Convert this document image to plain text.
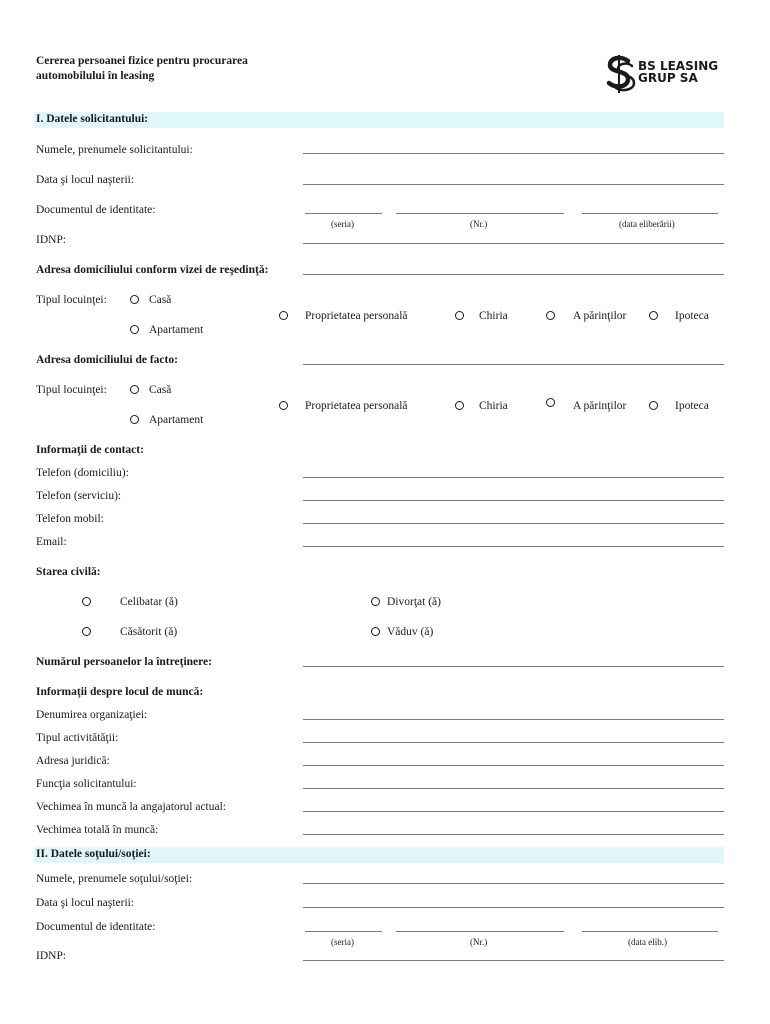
Cererea persoanei fizice pentru procurarea
automobilului în leasing
BS LEASING
GRUP SA
I. Datele solicitantului:
Numele, prenumele solicitantului:
Data şi locul naşterii:
Documentul de identitate:
(seria)	(Nr.)	(data eliberării)
IDNP:
Adresa domiciliului conform vizei de reşedinţă:
Tipul locuinţei:	Casă
Apartament
Proprietatea personală	Chiria	A părinţilor	Ipoteca
Adresa domiciliului de facto:
Tipul locuinţei:	Casă
Apartament
Proprietatea personală	Chiria	A părinţilor	Ipoteca
Informaţii de contact:
Telefon (domiciliu):
Telefon (serviciu):
Telefon mobil:
Email:
Starea civilă:
Celibatar (ă)	Divorţat (ă)
Căsătorit (ă)	Văduv (ă)
Numărul persoanelor la întreţinere:
Informaţii despre locul de muncă:
Denumirea organizaţiei:
Tipul activitătăţii:
Adresa juridică:
Funcţia solicitantului:
Vechimea în muncă la angajatorul actual:
Vechimea totală în muncă:
II. Datele soţului/soţiei:
Numele, prenumele soţului/soţiei:
Data şi locul naşterii:
Documentul de identitate:
(seria)	(Nr.)	(data elib.)
IDNP:
